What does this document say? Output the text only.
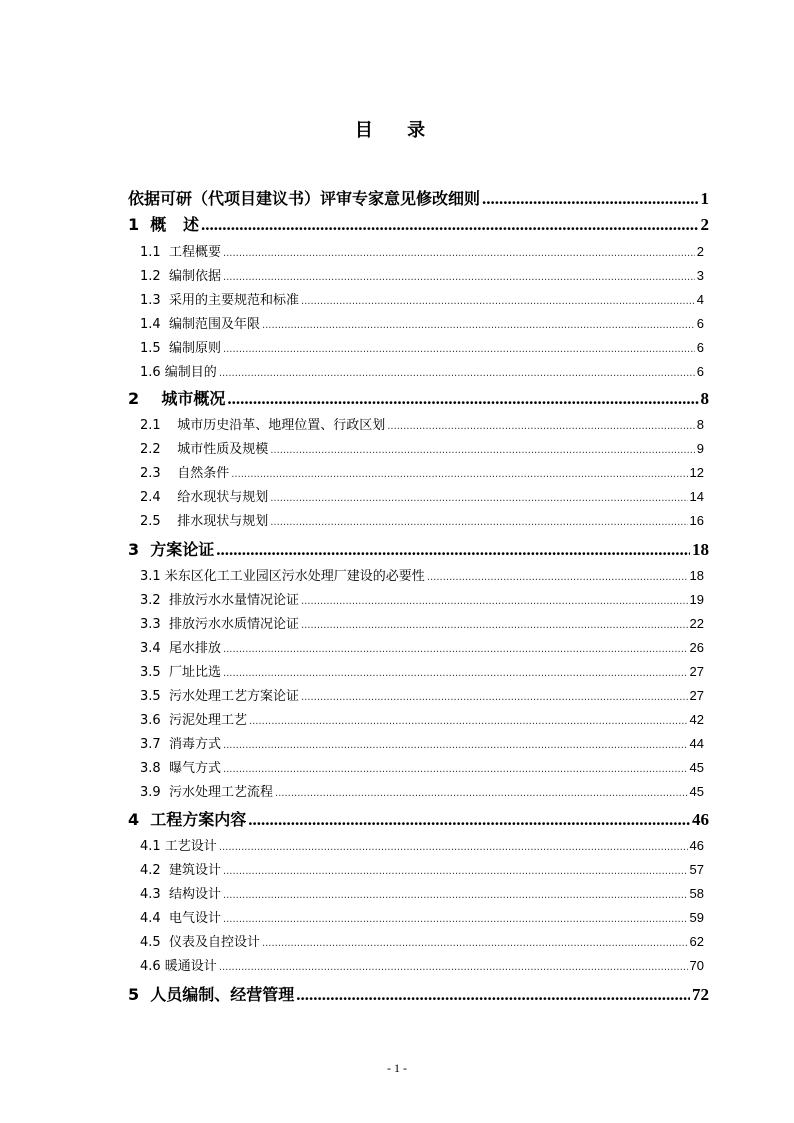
目 录
依据可研（代项目建议书）评审专家意见修改细则 .....	1
1  概   述 .....	2
1.1  工程概要 .....	2
1.2  编制依据 .....	3
1.3  采用的主要规范和标准 .....	4
1.4  编制范围及年限 .....	6
1.5  编制原则 .....	6
1.6 编制目的 .....	6
2    城市概况 .....	8
2.1    城市历史沿革、地理位置、行政区划 .....	8
2.2    城市性质及规模 .....	9
2.3    自然条件 .....	12
2.4    给水现状与规划 .....	14
2.5    排水现状与规划 .....	16
3  方案论证 .....	18
3.1 米东区化工工业园区污水处理厂建设的必要性 .....	18
3.2  排放污水水量情况论证 .....	19
3.3  排放污水水质情况论证 .....	22
3.4  尾水排放 .....	26
3.5  厂址比选 .....	27
3.5  污水处理工艺方案论证 .....	27
3.6  污泥处理工艺 .....	42
3.7  消毒方式 .....	44
3.8  曝气方式 .....	45
3.9  污水处理工艺流程 .....	45
4  工程方案内容 .....	46
4.1 工艺设计 .....	46
4.2  建筑设计 .....	57
4.3  结构设计 .....	58
4.4  电气设计 .....	59
4.5  仪表及自控设计 .....	62
4.6 暖通设计 .....	70
5  人员编制、经营管理 .....	72
- 1 -
